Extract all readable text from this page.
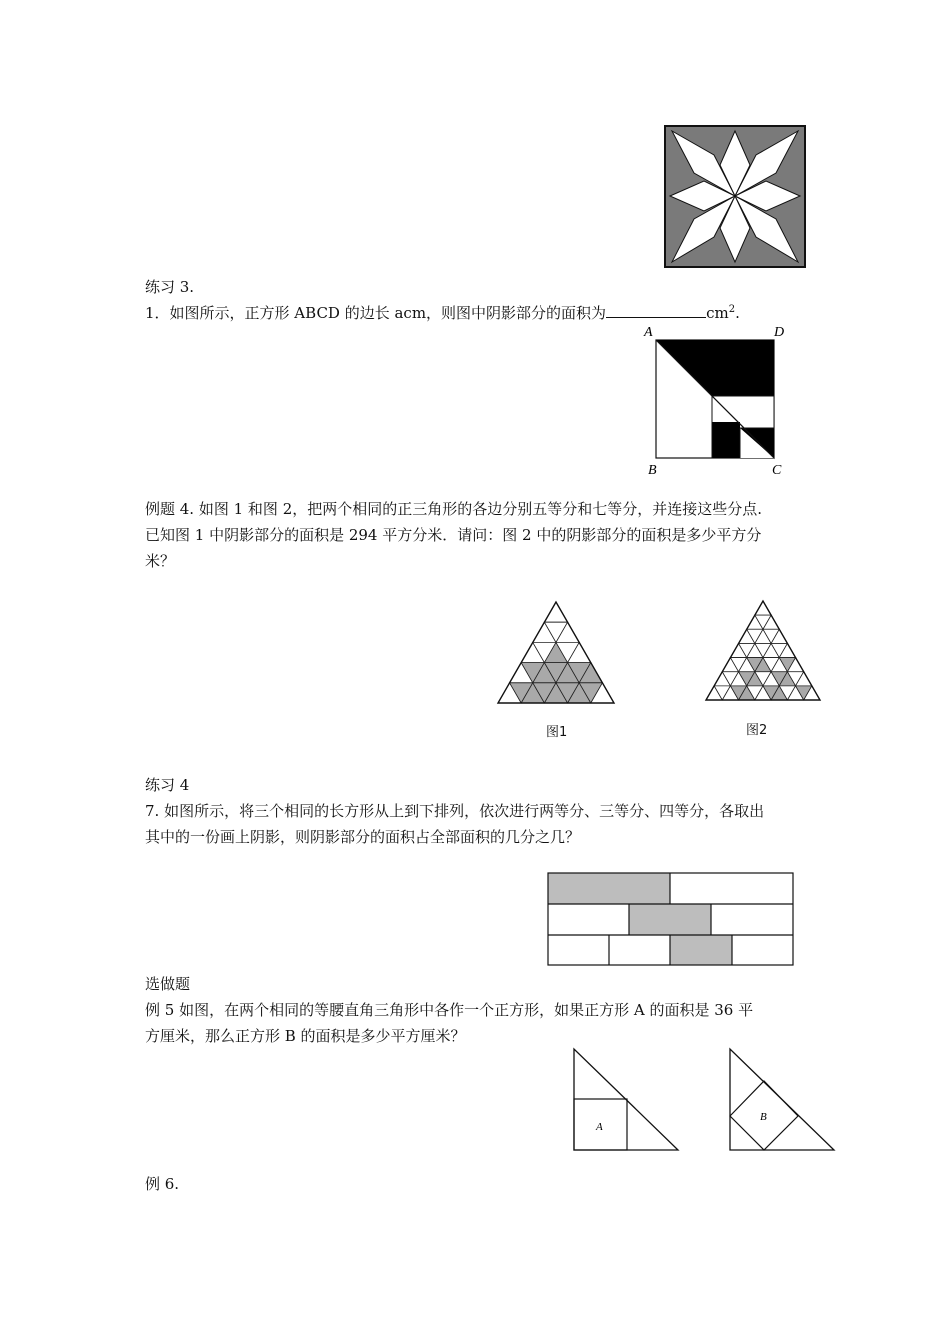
练习 3.
1．如图所示，正方形 ABCD 的边长 acm，则图中阴影部分的面积为	$cm^2$.
A	D
B	C
例题 4. 如图 1 和图 2，把两个相同的正三角形的各边分别五等分和七等分，并连接这些分点.
已知图 1 中阴影部分的面积是 294 平方分米．请问：图 2 中的阴影部分的面积是多少平方分
米？
图1	图2
练习 4
7. 如图所示，将三个相同的长方形从上到下排列，依次进行两等分、三等分、四等分，各取出
其中的一份画上阴影，则阴影部分的面积占全部面积的几分之几？
选做题
例 5 如图，在两个相同的等腰直角三角形中各作一个正方形，如果正方形 A 的面积是 36 平
方厘米，那么正方形 B 的面积是多少平方厘米？
A
B
例 6.
